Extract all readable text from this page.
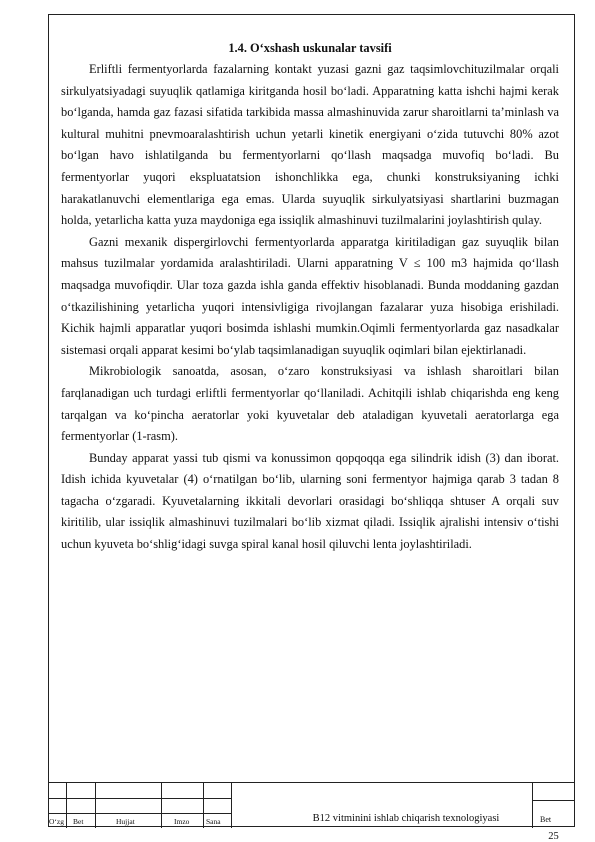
1.4. O‘xshash uskunalar tavsifi

Erliftli fermentyorlarda fazalarning kontakt yuzasi gazni gaz taqsimlovchituzilmalar orqali sirkulyatsiyadagi suyuqlik qatlamiga kiritganda hosil bo‘ladi. Apparatning katta ishchi hajmi kerak bo‘lganda, hamda gaz fazasi sifatida tarkibida massa almashinuvida zarur sharoitlarni ta’minlash va kultural muhitni pnevmoaralashtirish uchun yetarli kinetik energiyani o‘zida tutuvchi 80% azot bo‘lgan havo ishlatilganda bu fermentyorlarni qo‘llash maqsadga muvofiq bo‘ladi. Bu fermentyorlar yuqori ekspluatatsion ishonchlikka ega, chunki konstruksiyaning ichki harakatlanuvchi elementlariga ega emas. Ularda suyuqlik sirkulyatsiyasi shartlarini buzmagan holda, yetarlicha katta yuza maydoniga ega issiqlik almashinuvi tuzilmalarini joylashtirish qulay.

Gazni mexanik dispergirlovchi fermentyorlarda apparatga kiritiladigan gaz suyuqlik bilan mahsus tuzilmalar yordamida aralashtiriladi. Ularni apparatning V ≤ 100 m3 hajmida qo‘llash maqsadga muvofiqdir. Ular toza gazda ishla ganda effektiv hisoblanadi. Bunda moddaning gazdan o‘tkazilishining yetarlicha yuqori intensivligiga rivojlangan fazalarar yuza hisobiga erishiladi. Kichik hajmli apparatlar yuqori bosimda ishlashi mumkin.Oqimli fermentyorlarda gaz nasadkalar sistemasi orqali apparat kesimi bo‘ylab taqsimlanadigan suyuqlik oqimlari bilan ejektirlanadi.

Mikrobiologik sanoatda, asosan, o‘zaro konstruksiyasi va ishlash sharoitlari bilan farqlanadigan uch turdagi erliftli fermentyorlar qo‘llaniladi. Achitqili ishlab chiqarishda eng keng tarqalgan va ko‘pincha aeratorlar yoki kyuvetalar deb ataladigan kyuvetali aeratorlarga ega fermentyorlar (1-rasm).

Bunday apparat yassi tub qismi va konussimon qopqoqqa ega silindrik idish (3) dan iborat. Idish ichida kyuvetalar (4) o‘rnatilgan bo‘lib, ularning soni fermentyor hajmiga qarab 3 tadan 8 tagacha o‘zgaradi. Kyuvetalarning ikkitali devorlari orasidagi bo‘shliqqa shtuser A orqali suv kiritilib, ular issiqlik almashinuvi tuzilmalari bo‘lib xizmat qiladi. Issiqlik ajralishi intensiv o‘tishi uchun kyuveta bo‘shlig‘idagi suvga spiral kanal hosil qiluvchi lenta joylashtiriladi.

O‘zg Bet	Hujjat	Imzo Sana	B12 vitminini ishlab chiqarish texnologiyasi	Bet
25
